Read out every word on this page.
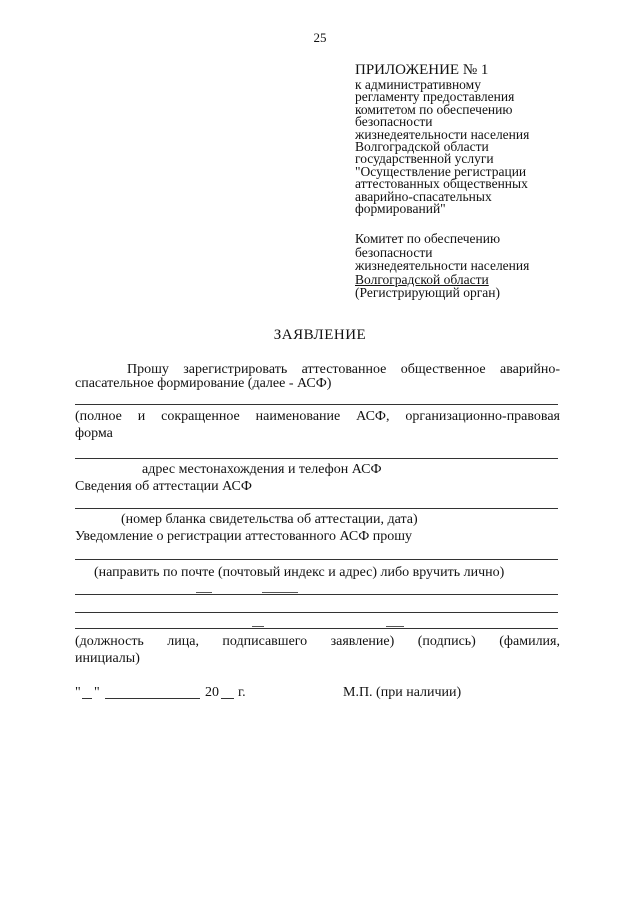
25
ПРИЛОЖЕНИЕ № 1
к административному
регламенту предоставления
комитетом по обеспечению
безопасности
жизнедеятельности населения
Волгоградской области
государственной услуги
"Осуществление регистрации
аттестованных общественных
аварийно-спасательных
формирований"
Комитет по обеспечению
безопасности
жизнедеятельности населения
Волгоградской области
(Регистрирующий орган)
ЗАЯВЛЕНИЕ
Прошу зарегистрировать аттестованное общественное аварийно-
спасательное формирование (далее - АСФ)
(полное и сокращенное наименование АСФ, организационно-правовая
форма
адрес местонахождения и телефон АСФ
Сведения об аттестации АСФ
(номер бланка свидетельства об аттестации, дата)
Уведомление о регистрации аттестованного АСФ прошу
(направить по почте (почтовый индекс и адрес) либо вручить лично)
(должность лица, подписавшего заявление) (подпись) (фамилия,
инициалы)
" "	20 г.	М.П. (при наличии)
